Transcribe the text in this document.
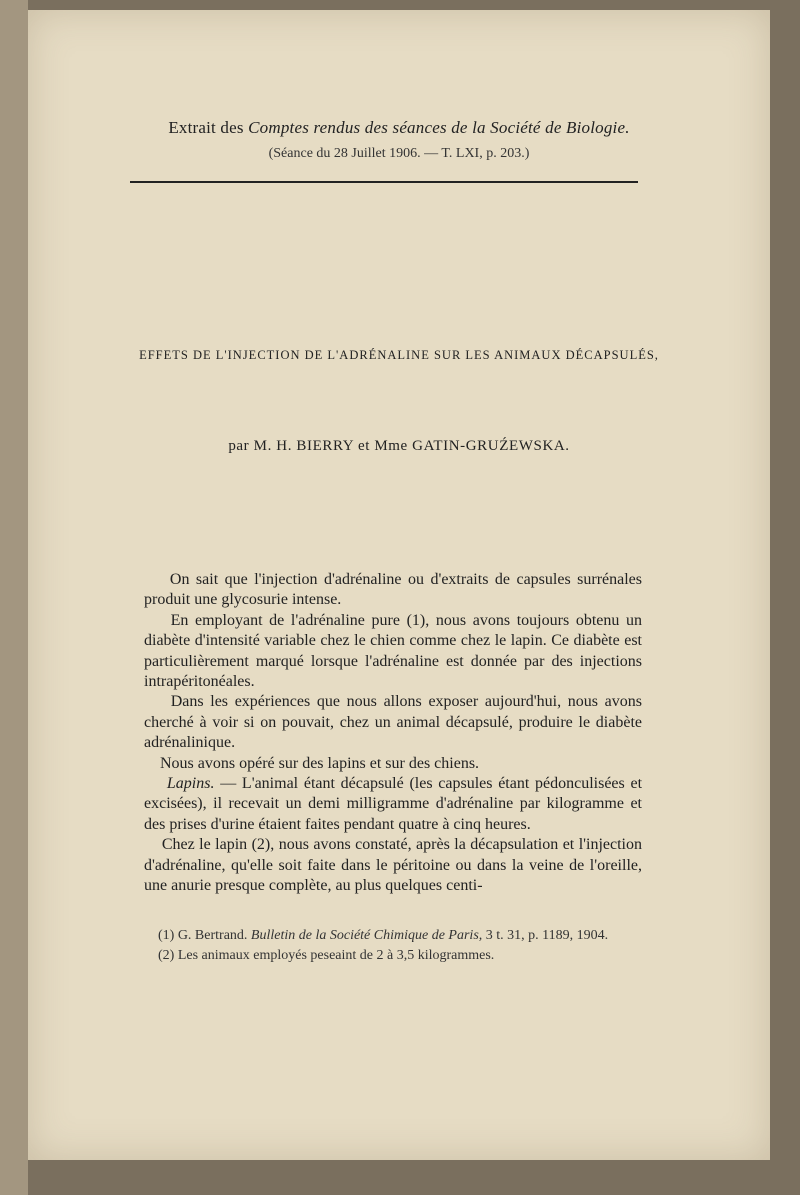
Extrait des Comptes rendus des séances de la Société de Biologie.
(Séance du 28 Juillet 1906. — T. LXI, p. 203.)
EFFETS DE L'INJECTION DE L'ADRÉNALINE SUR LES ANIMAUX DÉCAPSULÉS,
par M. H. BIERRY et Mme GATIN-GRUŹEWSKA.

On sait que l'injection d'adrénaline ou d'extraits de capsules surrénales produit une glycosurie intense.

En employant de l'adrénaline pure (1), nous avons toujours obtenu un diabète d'intensité variable chez le chien comme chez le lapin. Ce diabète est particulièrement marqué lorsque l'adrénaline est donnée par des injections intrapéritonéales.

Dans les expériences que nous allons exposer aujourd'hui, nous avons cherché à voir si on pouvait, chez un animal décapsulé, produire le diabète adrénalinique.

Nous avons opéré sur des lapins et sur des chiens.

Lapins. — L'animal étant décapsulé (les capsules étant pédonculisées et excisées), il recevait un demi milligramme d'adrénaline par kilogramme et des prises d'urine étaient faites pendant quatre à cinq heures.

Chez le lapin (2), nous avons constaté, après la décapsulation et l'injection d'adrénaline, qu'elle soit faite dans le péritoine ou dans la veine de l'oreille, une anurie presque complète, au plus quelques centi-

(1) G. Bertrand. Bulletin de la Société Chimique de Paris, 3 t. 31, p. 1189, 1904.

(2) Les animaux employés peseaint de 2 à 3,5 kilogrammes.
